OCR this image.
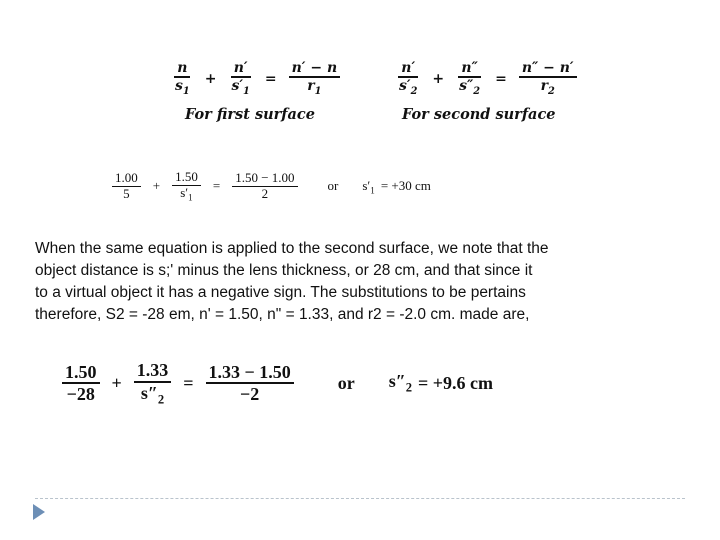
$\frac{n}{s_1} + \frac{n'}{s'_1} = \frac{n' - n}{r_1}$
For first surface
$\frac{n'}{s'_2} + \frac{n''}{s''_2} = \frac{n'' - n'}{r_2}$
For second surface
$\frac{1.00}{5} + \frac{1.50}{s'_1} = \frac{1.50 - 1.00}{2}$ or $s'_1 = +30$ cm
When the same equation is applied to the second surface, we note that the
object distance is s;' minus the lens thickness, or 28 cm, and that since it
to a virtual object it has a negative sign. The substitutions to be pertains
therefore, S2 = -28 em, n' = 1.50, n" = 1.33, and r2 = -2.0 cm. made are,
$\frac{1.50}{-28} + \frac{1.33}{s''_2} = \frac{1.33 - 1.50}{-2}$ or $s''_2 = +9.6$ cm
